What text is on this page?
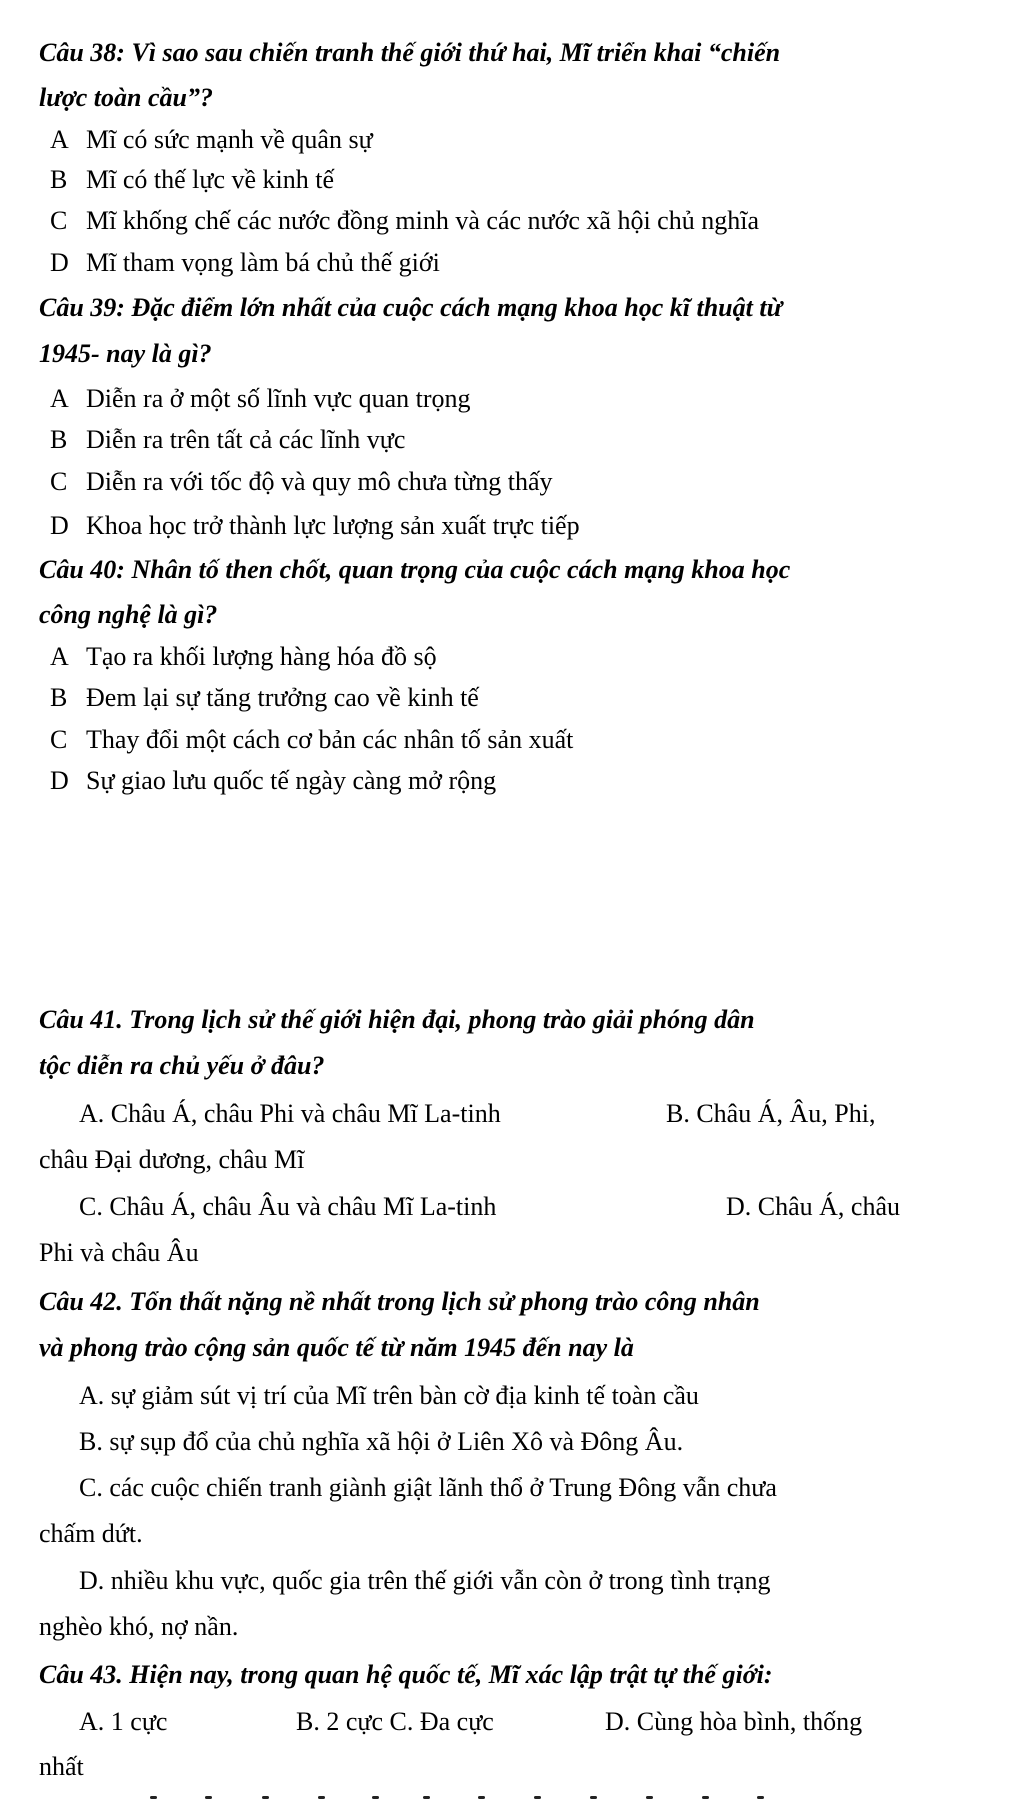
Câu 38: Vì sao sau chiến tranh thế giới thứ hai, Mĩ triển khai “chiến

lược toàn cầu”?

A Mĩ có sức mạnh về quân sự

B Mĩ có thế lực về kinh tế

C Mĩ khống chế các nước đồng minh và các nước xã hội chủ nghĩa

D Mĩ tham vọng làm bá chủ thế giới

Câu 39: Đặc điểm lớn nhất của cuộc cách mạng khoa học kĩ thuật từ

1945- nay là gì?

A Diễn ra ở một số lĩnh vực quan trọng

B Diễn ra trên tất cả các lĩnh vực

C Diễn ra với tốc độ và quy mô chưa từng thấy

D Khoa học trở thành lực lượng sản xuất trực tiếp

Câu 40: Nhân tố then chốt, quan trọng của cuộc cách mạng khoa học

công nghệ là gì?

A Tạo ra khối lượng hàng hóa đồ sộ

B Đem lại sự tăng trưởng cao về kinh tế

C Thay đổi một cách cơ bản các nhân tố sản xuất

D Sự giao lưu quốc tế ngày càng mở rộng

Câu 41. Trong lịch sử thế giới hiện đại, phong trào giải phóng dân

tộc diễn ra chủ yếu ở đâu?

A. Châu Á, châu Phi và châu Mĩ La-tinh	B. Châu Á, Âu, Phi,

châu Đại dương, châu Mĩ

C. Châu Á, châu Âu và châu Mĩ La-tinh	D. Châu Á, châu

Phi và châu Âu

Câu 42. Tổn thất nặng nề nhất trong lịch sử phong trào công nhân

và phong trào cộng sản quốc tế từ năm 1945 đến nay là

A. sự giảm sút vị trí của Mĩ trên bàn cờ địa kinh tế toàn cầu

B. sự sụp đổ của chủ nghĩa xã hội ở Liên Xô và Đông Âu.

C. các cuộc chiến tranh giành giật lãnh thổ ở Trung Đông vẫn chưa

chấm dứt.

D. nhiều khu vực, quốc gia trên thế giới vẫn còn ở trong tình trạng

nghèo khó, nợ nần.

Câu 43. Hiện nay, trong quan hệ quốc tế, Mĩ xác lập trật tự thế giới:

A. 1 cực	B. 2 cực C. Đa cực	D. Cùng hòa bình, thống

nhất
